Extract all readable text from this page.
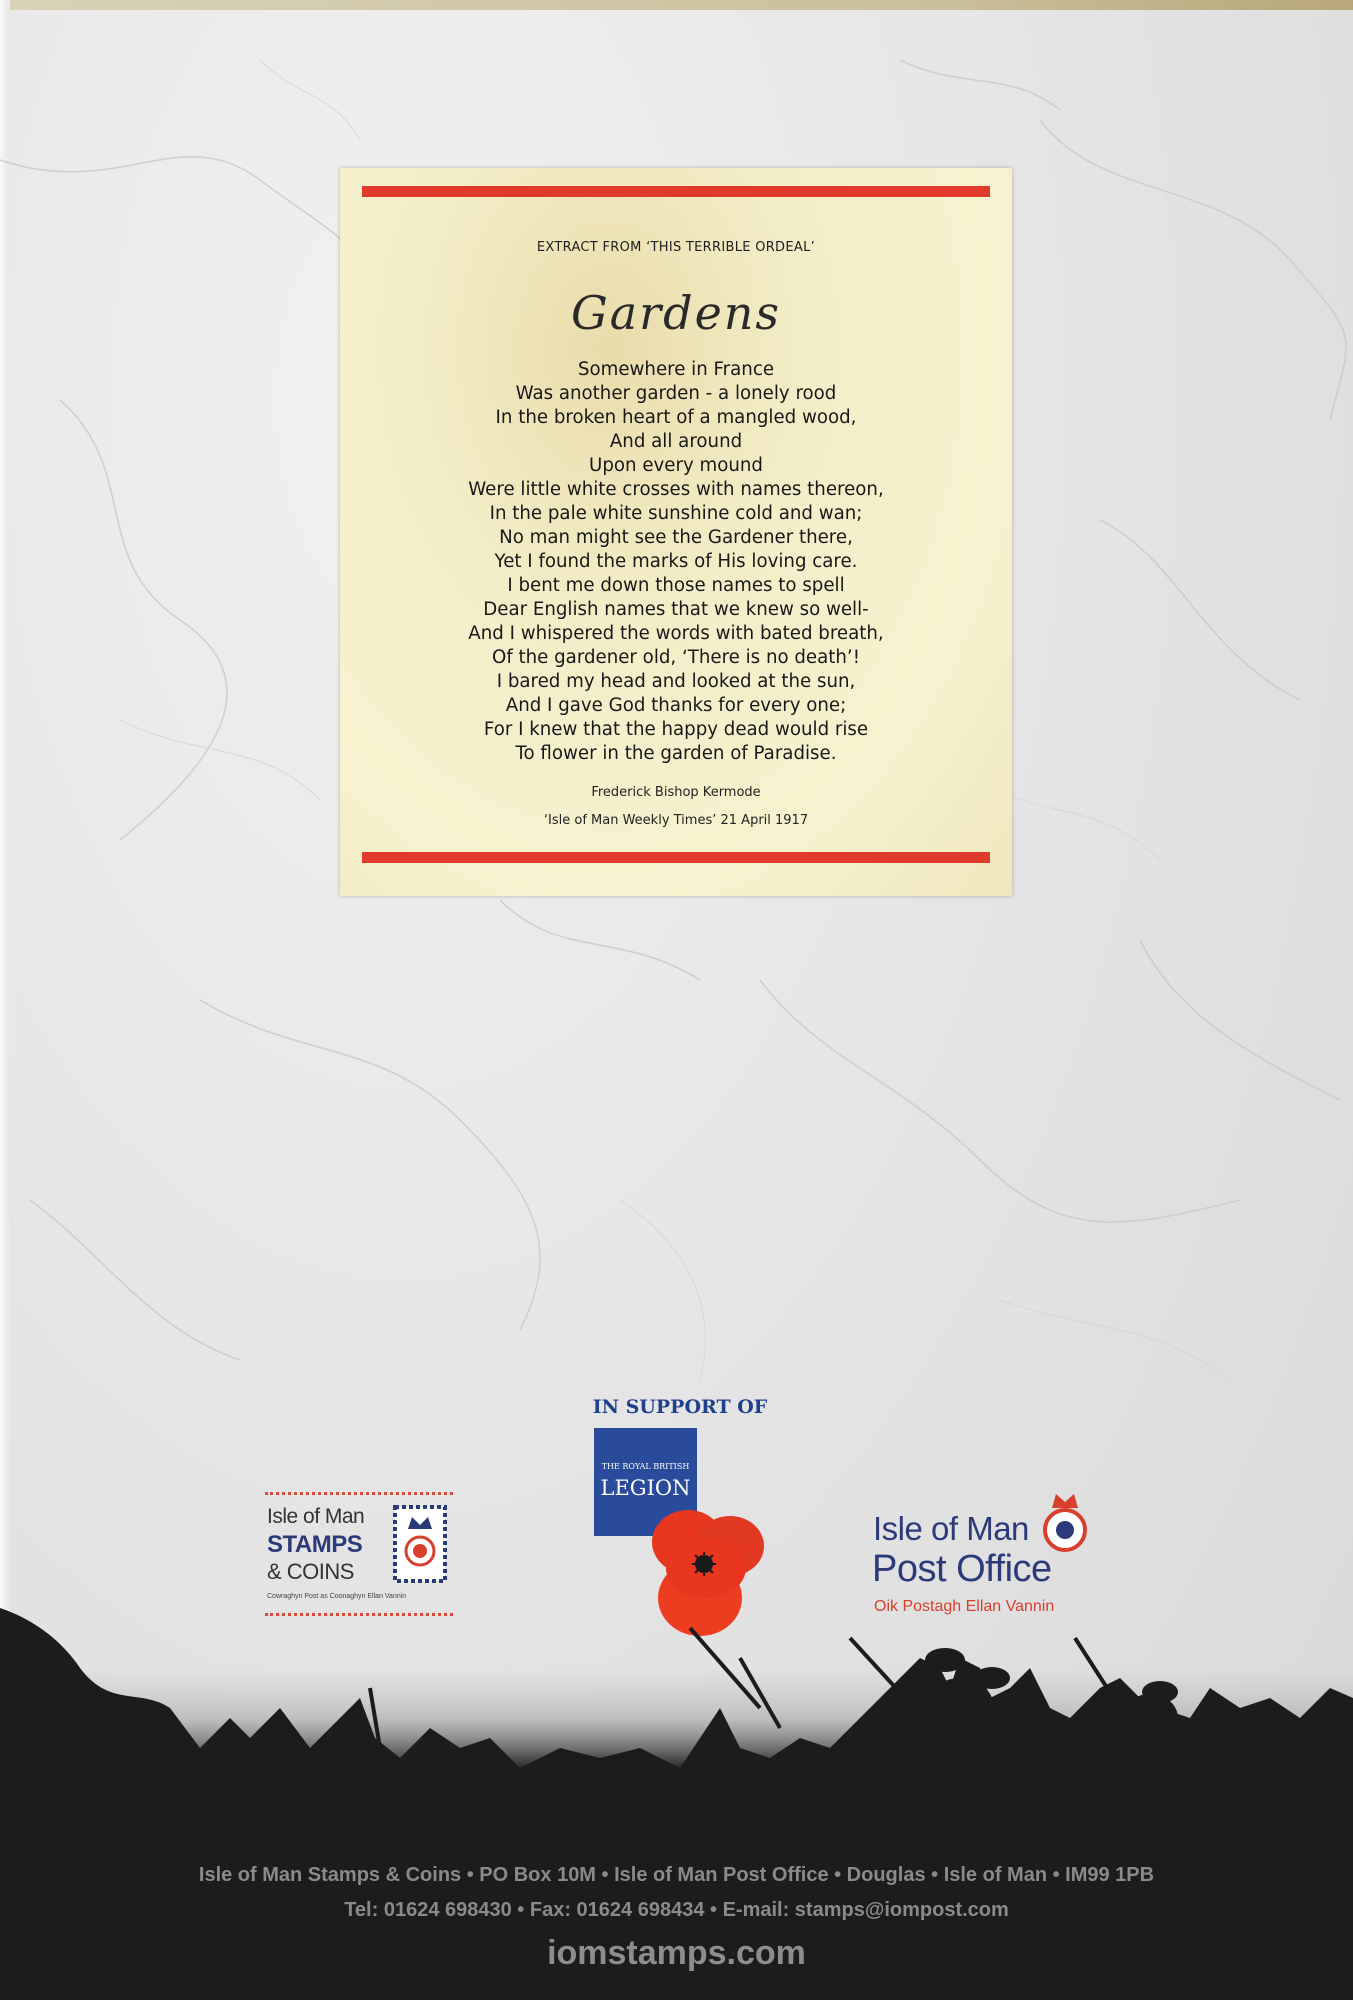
EXTRACT FROM ‘THIS TERRIBLE ORDEAL’
Gardens
Somewhere in France
Was another garden - a lonely rood
In the broken heart of a mangled wood,
And all around
Upon every mound
Were little white crosses with names thereon,
In the pale white sunshine cold and wan;
No man might see the Gardener there,
Yet I found the marks of His loving care.
I bent me down those names to spell
Dear English names that we knew so well-
And I whispered the words with bated breath,
Of the gardener old, ‘There is no death’!
I bared my head and looked at the sun,
And I gave God thanks for every one;
For I knew that the happy dead would rise
To flower in the garden of Paradise.
Frederick Bishop Kermode
‘Isle of Man Weekly Times’ 21 April 1917
IN SUPPORT OF
THE ROYAL BRITISH
LEGION
Isle of Man
STAMPS
& COINS
Cowraghyn Post as Coonaghyn Ellan Vannin
Isle of Man
Post Office
Oik Postagh Ellan Vannin
Isle of Man Stamps & Coins • PO Box 10M • Isle of Man Post Office • Douglas • Isle of Man • IM99 1PB
Tel: 01624 698430 • Fax: 01624 698434 • E-mail: stamps@iompost.com
iomstamps.com
